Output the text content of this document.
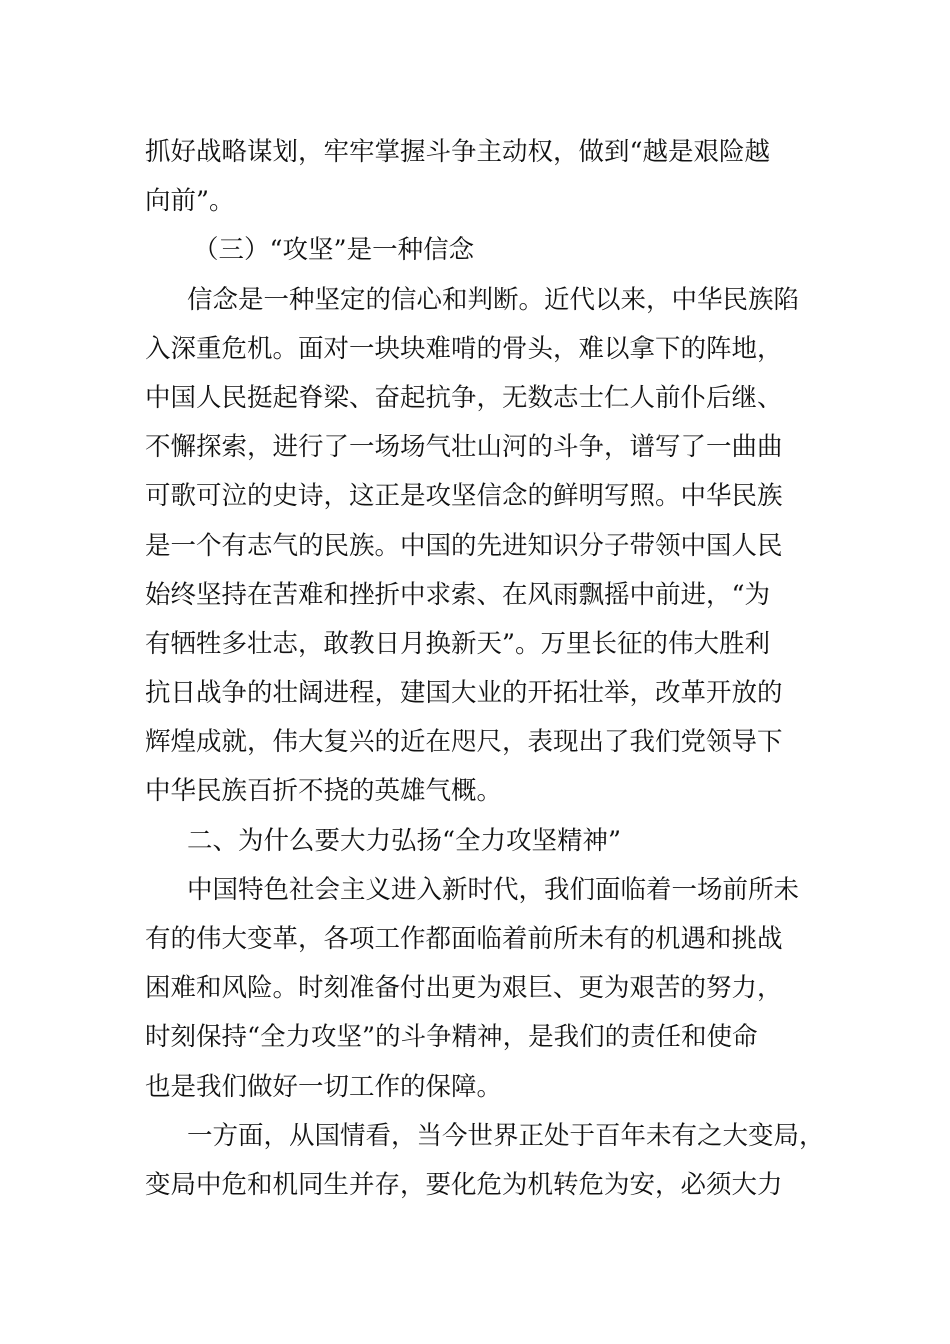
抓好战略谋划，牢牢掌握斗争主动权，做到“越是艰险越
向前”。
（三）“攻坚”是一种信念
信念是一种坚定的信心和判断。近代以来，中华民族陷
入深重危机。面对一块块难啃的骨头，难以拿下的阵地，
中国人民挺起脊梁、奋起抗争，无数志士仁人前仆后继、
不懈探索，进行了一场场气壮山河的斗争，谱写了一曲曲
可歌可泣的史诗，这正是攻坚信念的鲜明写照。中华民族
是一个有志气的民族。中国的先进知识分子带领中国人民
始终坚持在苦难和挫折中求索、在风雨飘摇中前进，“为
有牺牲多壮志，敢教日月换新天”。万里长征的伟大胜利
抗日战争的壮阔进程，建国大业的开拓壮举，改革开放的
辉煌成就，伟大复兴的近在咫尺，表现出了我们党领导下
中华民族百折不挠的英雄气概。
二、为什么要大力弘扬“全力攻坚精神”
中国特色社会主义进入新时代，我们面临着一场前所未
有的伟大变革，各项工作都面临着前所未有的机遇和挑战
困难和风险。时刻准备付出更为艰巨、更为艰苦的努力，
时刻保持“全力攻坚”的斗争精神，是我们的责任和使命
也是我们做好一切工作的保障。
一方面，从国情看，当今世界正处于百年未有之大变局，
变局中危和机同生并存，要化危为机转危为安，必须大力
